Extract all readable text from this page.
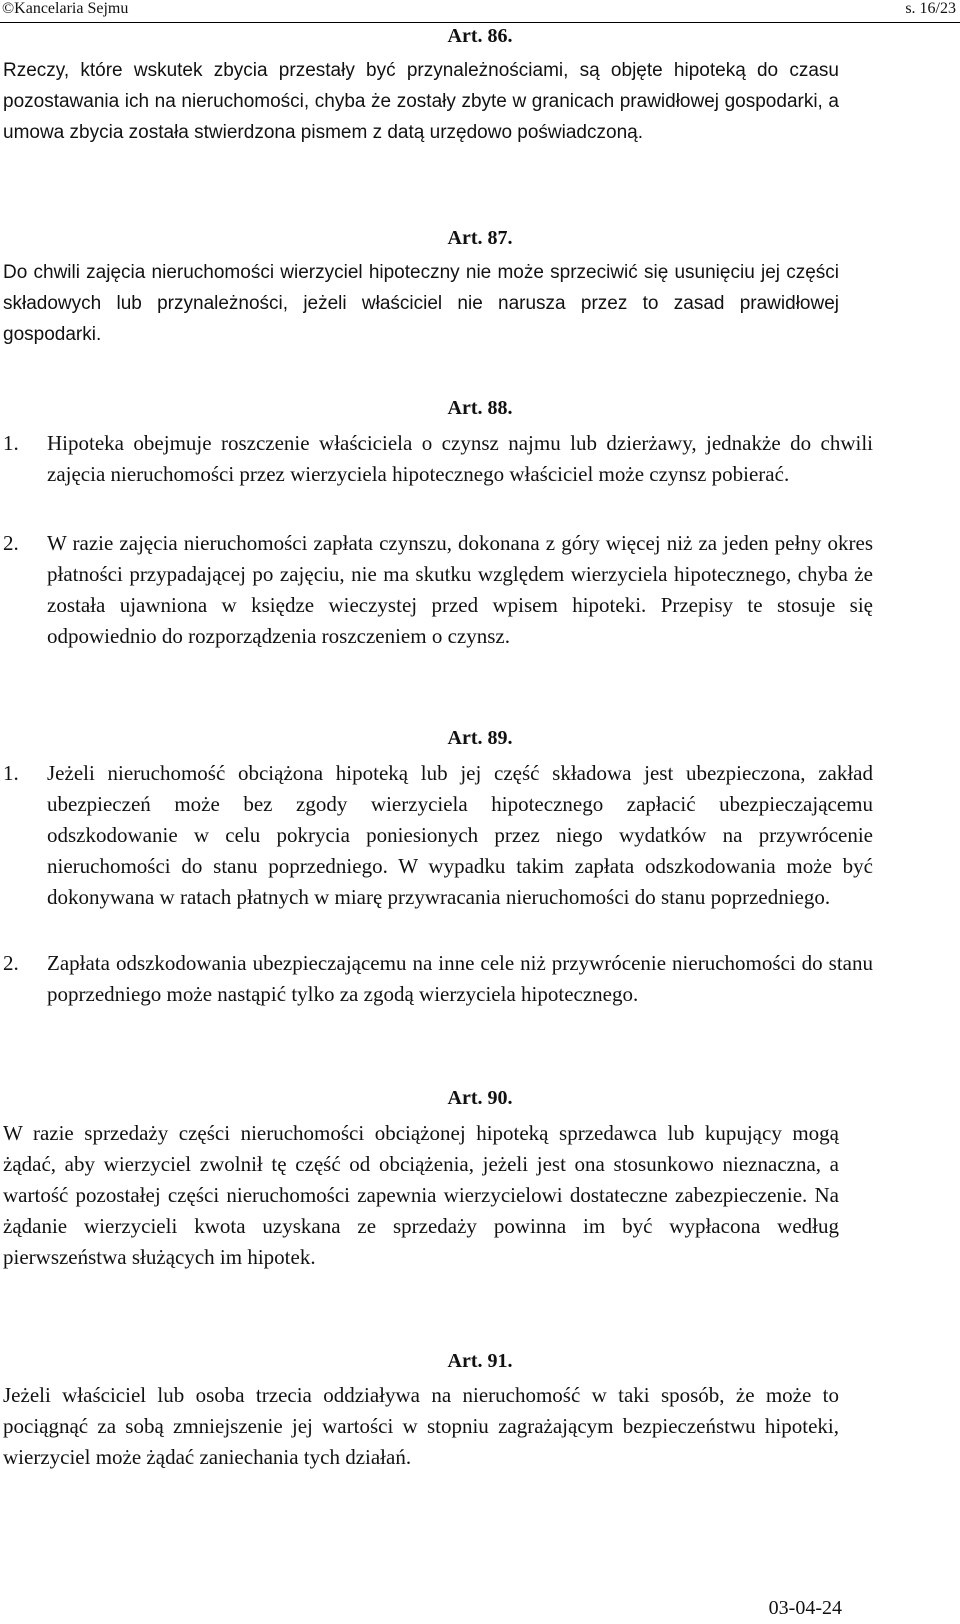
©Kancelaria Sejmu	s. 16/23
Art. 86.

Rzeczy, które wskutek zbycia przestały być przynależnościami, są objęte hipoteką do czasu pozostawania ich na nieruchomości, chyba że zostały zbyte w granicach prawidłowej gospodarki, a umowa zbycia została stwierdzona pismem z datą urzędowo poświadczoną.

Art. 87.

Do chwili zajęcia nieruchomości wierzyciel hipoteczny nie może sprzeciwić się usunięciu jej części składowych lub przynależności, jeżeli właściciel nie narusza przez to zasad prawidłowej gospodarki.

Art. 88.
1. Hipoteka obejmuje roszczenie właściciela o czynsz najmu lub dzierżawy, jednakże do chwili zajęcia nieruchomości przez wierzyciela hipotecznego właściciel może czynsz pobierać.

2. W razie zajęcia nieruchomości zapłata czynszu, dokonana z góry więcej niż za jeden pełny okres płatności przypadającej po zajęciu, nie ma skutku względem wierzyciela hipotecznego, chyba że została ujawniona w księdze wieczystej przed wpisem hipoteki. Przepisy te stosuje się odpowiednio do rozporządzenia roszczeniem o czynsz.

Art. 89.
1. Jeżeli nieruchomość obciążona hipoteką lub jej część składowa jest ubezpieczona, zakład ubezpieczeń może bez zgody wierzyciela hipotecznego zapłacić ubezpieczającemu odszkodowanie w celu pokrycia poniesionych przez niego wydatków na przywrócenie nieruchomości do stanu poprzedniego. W wypadku takim zapłata odszkodowania może być dokonywana w ratach płatnych w miarę przywracania nieruchomości do stanu poprzedniego.

2. Zapłata odszkodowania ubezpieczającemu na inne cele niż przywrócenie nieruchomości do stanu poprzedniego może nastąpić tylko za zgodą wierzyciela hipotecznego.

Art. 90.

W razie sprzedaży części nieruchomości obciążonej hipoteką sprzedawca lub kupujący mogą żądać, aby wierzyciel zwolnił tę część od obciążenia, jeżeli jest ona stosunkowo nieznaczna, a wartość pozostałej części nieruchomości zapewnia wierzycielowi dostateczne zabezpieczenie. Na żądanie wierzycieli kwota uzyskana ze sprzedaży powinna im być wypłacona według pierwszeństwa służących im hipotek.

Art. 91.

Jeżeli właściciel lub osoba trzecia oddziaływa na nieruchomość w taki sposób, że może to pociągnąć za sobą zmniejszenie jej wartości w stopniu zagrażającym bezpieczeństwu hipoteki, wierzyciel może żądać zaniechania tych działań.

03-04-24
